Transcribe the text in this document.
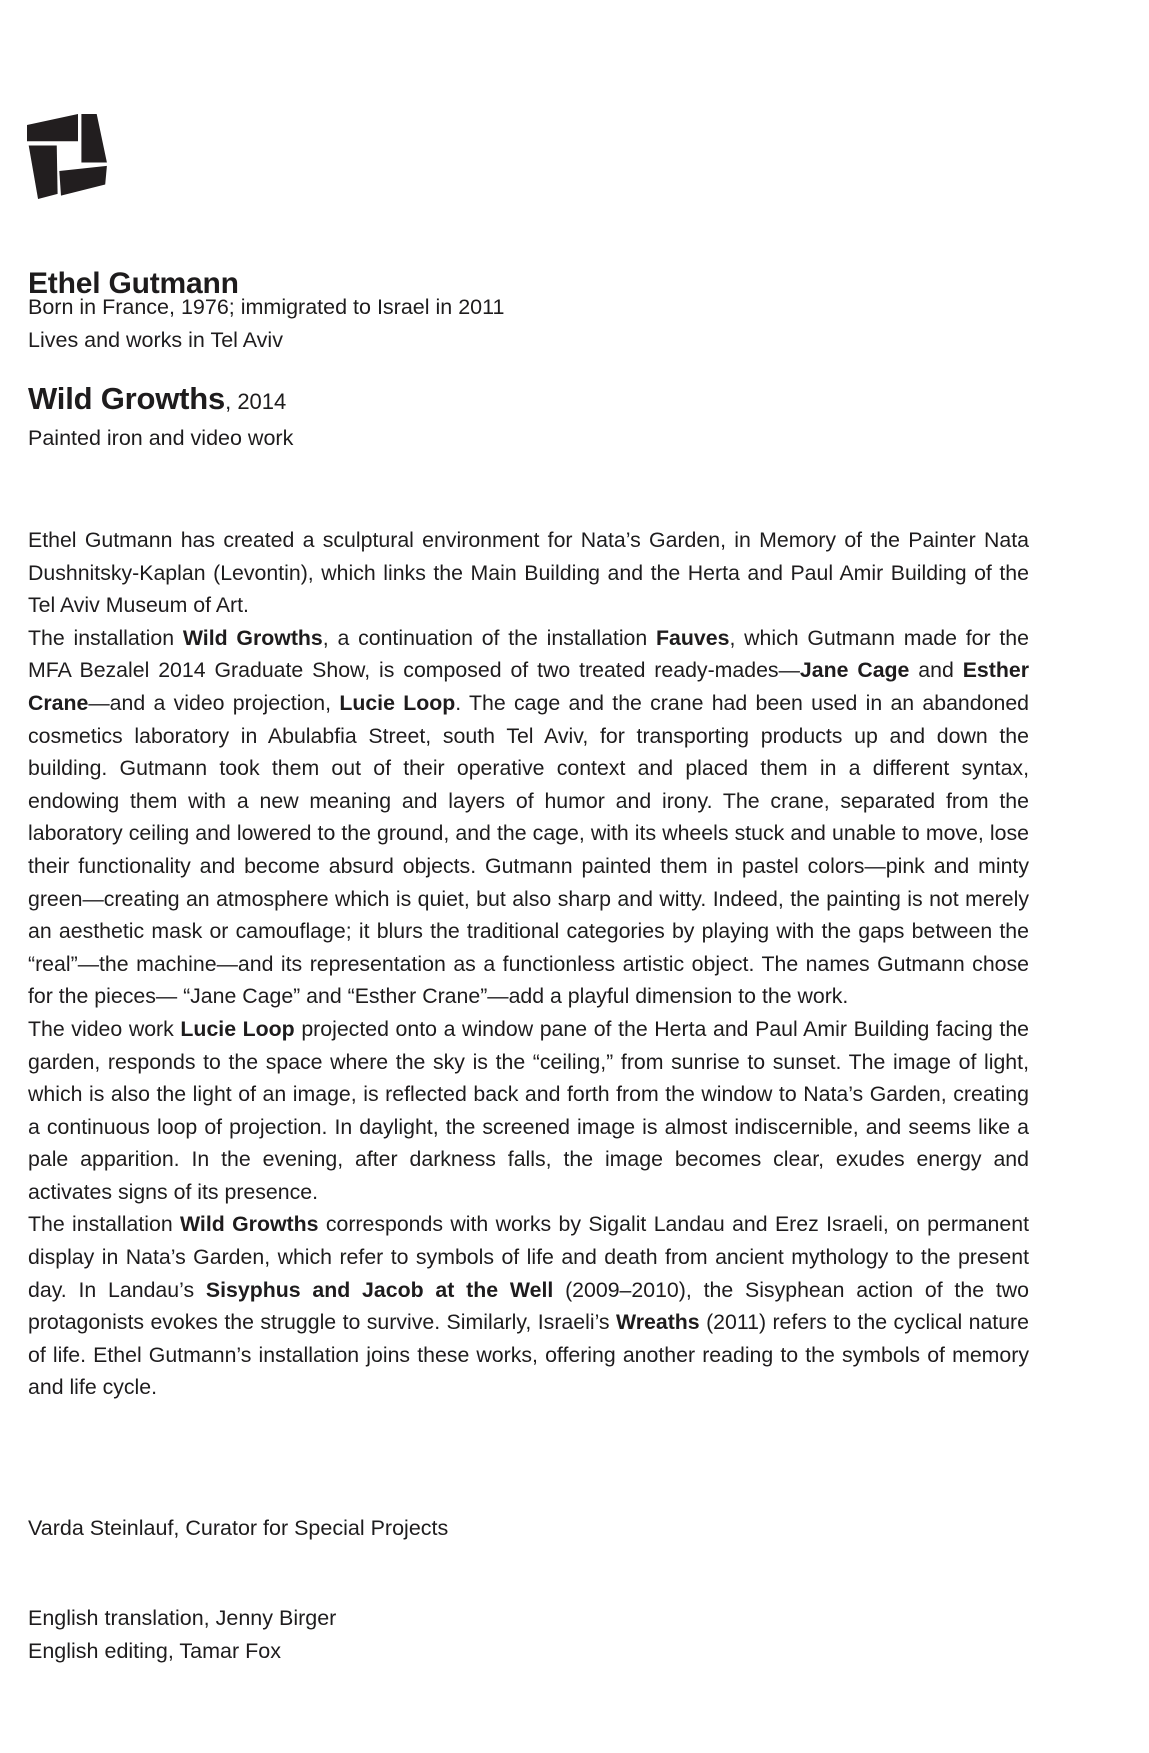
Ethel Gutmann
Born in France, 1976; immigrated to Israel in 2011
Lives and works in Tel Aviv
Wild Growths, 2014
Painted iron and video work

Ethel Gutmann has created a sculptural environment for Nata’s Garden, in Memory of the Painter Nata Dushnitsky-Kaplan (Levontin), which links the Main Building and the Herta and Paul Amir Building of the Tel Aviv Museum of Art.

The installation Wild Growths, a continuation of the installation Fauves, which Gutmann made for the MFA Bezalel 2014 Graduate Show, is composed of two treated ready-mades—Jane Cage and Esther Crane—and a video projection, Lucie Loop. The cage and the crane had been used in an abandoned cosmetics laboratory in Abulabfia Street, south Tel Aviv, for transporting products up and down the building. Gutmann took them out of their operative context and placed them in a different syntax, endowing them with a new meaning and layers of humor and irony. The crane, separated from the laboratory ceiling and lowered to the ground, and the cage, with its wheels stuck and unable to move, lose their functionality and become absurd objects. Gutmann painted them in pastel colors—pink and minty green—creating an atmosphere which is quiet, but also sharp and witty. Indeed, the painting is not merely an aesthetic mask or camouflage; it blurs the traditional categories by playing with the gaps between the “real”—the machine—and its representation as a functionless artistic object. The names Gutmann chose for the pieces— “Jane Cage” and “Esther Crane”—add a playful dimension to the work.

The video work Lucie Loop projected onto a window pane of the Herta and Paul Amir Building facing the garden, responds to the space where the sky is the “ceiling,” from sunrise to sunset. The image of light, which is also the light of an image, is reflected back and forth from the window to Nata’s Garden, creating a continuous loop of projection. In daylight, the screened image is almost indiscernible, and seems like a pale apparition. In the evening, after darkness falls, the image becomes clear, exudes energy and activates signs of its presence.

The installation Wild Growths corresponds with works by Sigalit Landau and Erez Israeli, on permanent display in Nata’s Garden, which refer to symbols of life and death from ancient mythology to the present day. In Landau’s Sisyphus and Jacob at the Well (2009–2010), the Sisyphean action of the two protagonists evokes the struggle to survive. Similarly, Israeli’s Wreaths (2011) refers to the cyclical nature of life. Ethel Gutmann’s installation joins these works, offering another reading to the symbols of memory and life cycle.

Varda Steinlauf, Curator for Special Projects
English translation, Jenny Birger
English editing, Tamar Fox
